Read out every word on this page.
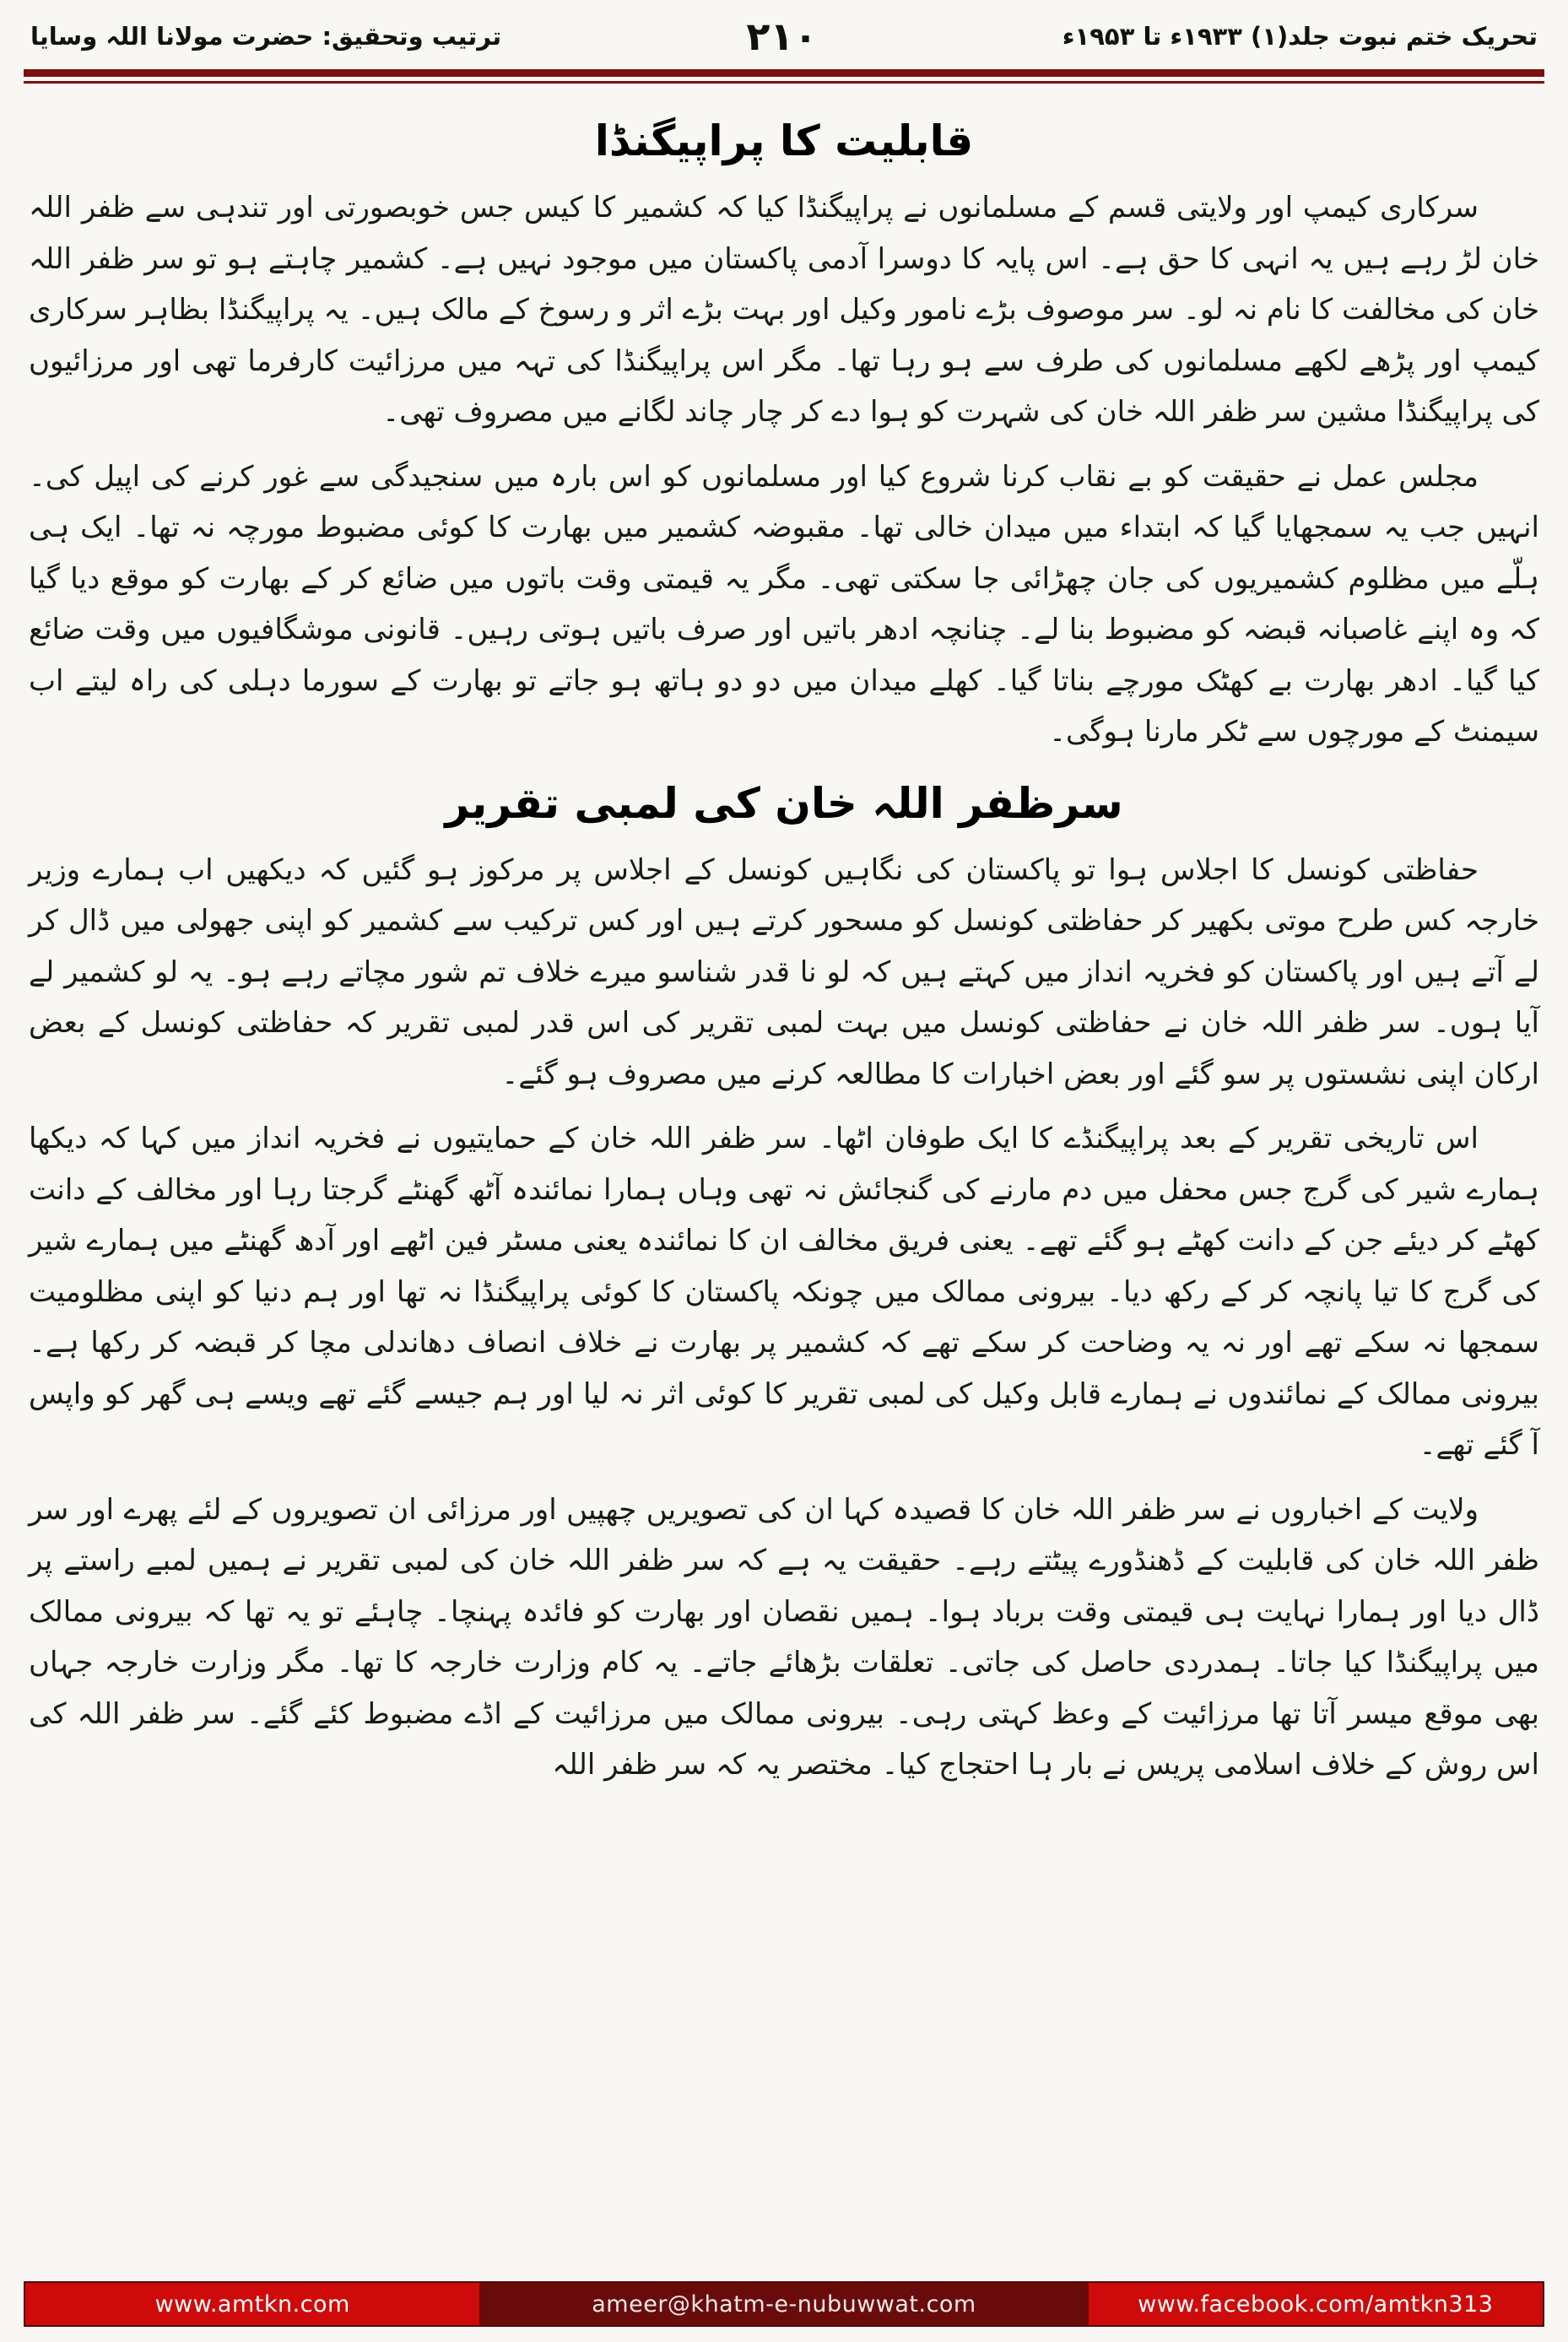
تحریک ختم نبوت جلد(۱) ۱۹۳۳ء تا ۱۹۵۳ء
۲۱۰
ترتیب وتحقیق: حضرت مولانا اللہ وسایا
قابلیت کا پراپیگنڈا

سرکاری کیمپ اور ولایتی قسم کے مسلمانوں نے پراپیگنڈا کیا کہ کشمیر کا کیس جس خوبصورتی اور تندہی سے ظفر اللہ خان لڑ رہے ہیں یہ انہی کا حق ہے۔ اس پایہ کا دوسرا آدمی پاکستان میں موجود نہیں ہے۔ کشمیر چاہتے ہو تو سر ظفر اللہ خان کی مخالفت کا نام نہ لو۔ سر موصوف بڑے نامور وکیل اور بہت بڑے اثر و رسوخ کے مالک ہیں۔ یہ پراپیگنڈا بظاہر سرکاری کیمپ اور پڑھے لکھے مسلمانوں کی طرف سے ہو رہا تھا۔ مگر اس پراپیگنڈا کی تہہ میں مرزائیت کارفرما تھی اور مرزائیوں کی پراپیگنڈا مشین سر ظفر اللہ خان کی شہرت کو ہوا دے کر چار چاند لگانے میں مصروف تھی۔

مجلس عمل نے حقیقت کو بے نقاب کرنا شروع کیا اور مسلمانوں کو اس بارہ میں سنجیدگی سے غور کرنے کی اپیل کی۔ انہیں جب یہ سمجھایا گیا کہ ابتداء میں میدان خالی تھا۔ مقبوضہ کشمیر میں بھارت کا کوئی مضبوط مورچہ نہ تھا۔ ایک ہی ہلّے میں مظلوم کشمیریوں کی جان چھڑائی جا سکتی تھی۔ مگر یہ قیمتی وقت باتوں میں ضائع کر کے بھارت کو موقع دیا گیا کہ وہ اپنے غاصبانہ قبضہ کو مضبوط بنا لے۔ چنانچہ ادھر باتیں اور صرف باتیں ہوتی رہیں۔ قانونی موشگافیوں میں وقت ضائع کیا گیا۔ ادھر بھارت بے کھٹک مورچے بناتا گیا۔ کھلے میدان میں دو دو ہاتھ ہو جاتے تو بھارت کے سورما دہلی کی راہ لیتے اب سیمنٹ کے مورچوں سے ٹکر مارنا ہوگی۔

سرظفر اللہ خان کی لمبی تقریر

حفاظتی کونسل کا اجلاس ہوا تو پاکستان کی نگاہیں کونسل کے اجلاس پر مرکوز ہو گئیں کہ دیکھیں اب ہمارے وزیر خارجہ کس طرح موتی بکھیر کر حفاظتی کونسل کو مسحور کرتے ہیں اور کس ترکیب سے کشمیر کو اپنی جھولی میں ڈال کر لے آتے ہیں اور پاکستان کو فخریہ انداز میں کہتے ہیں کہ لو نا قدر شناسو میرے خلاف تم شور مچاتے رہے ہو۔ یہ لو کشمیر لے آیا ہوں۔ سر ظفر اللہ خان نے حفاظتی کونسل میں بہت لمبی تقریر کی اس قدر لمبی تقریر کہ حفاظتی کونسل کے بعض ارکان اپنی نشستوں پر سو گئے اور بعض اخبارات کا مطالعہ کرنے میں مصروف ہو گئے۔

اس تاریخی تقریر کے بعد پراپیگنڈے کا ایک طوفان اٹھا۔ سر ظفر اللہ خان کے حمایتیوں نے فخریہ انداز میں کہا کہ دیکھا ہمارے شیر کی گرج جس محفل میں دم مارنے کی گنجائش نہ تھی وہاں ہمارا نمائندہ آٹھ گھنٹے گرجتا رہا اور مخالف کے دانت کھٹے کر دیئے جن کے دانت کھٹے ہو گئے تھے۔ یعنی فریق مخالف ان کا نمائندہ یعنی مسٹر فین اٹھے اور آدھ گھنٹے میں ہمارے شیر کی گرج کا تیا پانچہ کر کے رکھ دیا۔ بیرونی ممالک میں چونکہ پاکستان کا کوئی پراپیگنڈا نہ تھا اور ہم دنیا کو اپنی مظلومیت سمجھا نہ سکے تھے اور نہ یہ وضاحت کر سکے تھے کہ کشمیر پر بھارت نے خلاف انصاف دھاندلی مچا کر قبضہ کر رکھا ہے۔ بیرونی ممالک کے نمائندوں نے ہمارے قابل وکیل کی لمبی تقریر کا کوئی اثر نہ لیا اور ہم جیسے گئے تھے ویسے ہی گھر کو واپس آ گئے تھے۔

ولایت کے اخباروں نے سر ظفر اللہ خان کا قصیدہ کہا ان کی تصویریں چھپیں اور مرزائی ان تصویروں کے لئے پھرے اور سر ظفر اللہ خان کی قابلیت کے ڈھنڈورے پیٹتے رہے۔ حقیقت یہ ہے کہ سر ظفر اللہ خان کی لمبی تقریر نے ہمیں لمبے راستے پر ڈال دیا اور ہمارا نہایت ہی قیمتی وقت برباد ہوا۔ ہمیں نقصان اور بھارت کو فائدہ پہنچا۔ چاہئے تو یہ تھا کہ بیرونی ممالک میں پراپیگنڈا کیا جاتا۔ ہمدردی حاصل کی جاتی۔ تعلقات بڑھائے جاتے۔ یہ کام وزارت خارجہ کا تھا۔ مگر وزارت خارجہ جہاں بھی موقع میسر آتا تھا مرزائیت کے وعظ کہتی رہی۔ بیرونی ممالک میں مرزائیت کے اڈے مضبوط کئے گئے۔ سر ظفر اللہ کی اس روش کے خلاف اسلامی پریس نے بار ہا احتجاج کیا۔ مختصر یہ کہ سر ظفر اللہ

www.amtkn.com	ameer@khatm-e-nubuwwat.com	www.facebook.com/amtkn313
